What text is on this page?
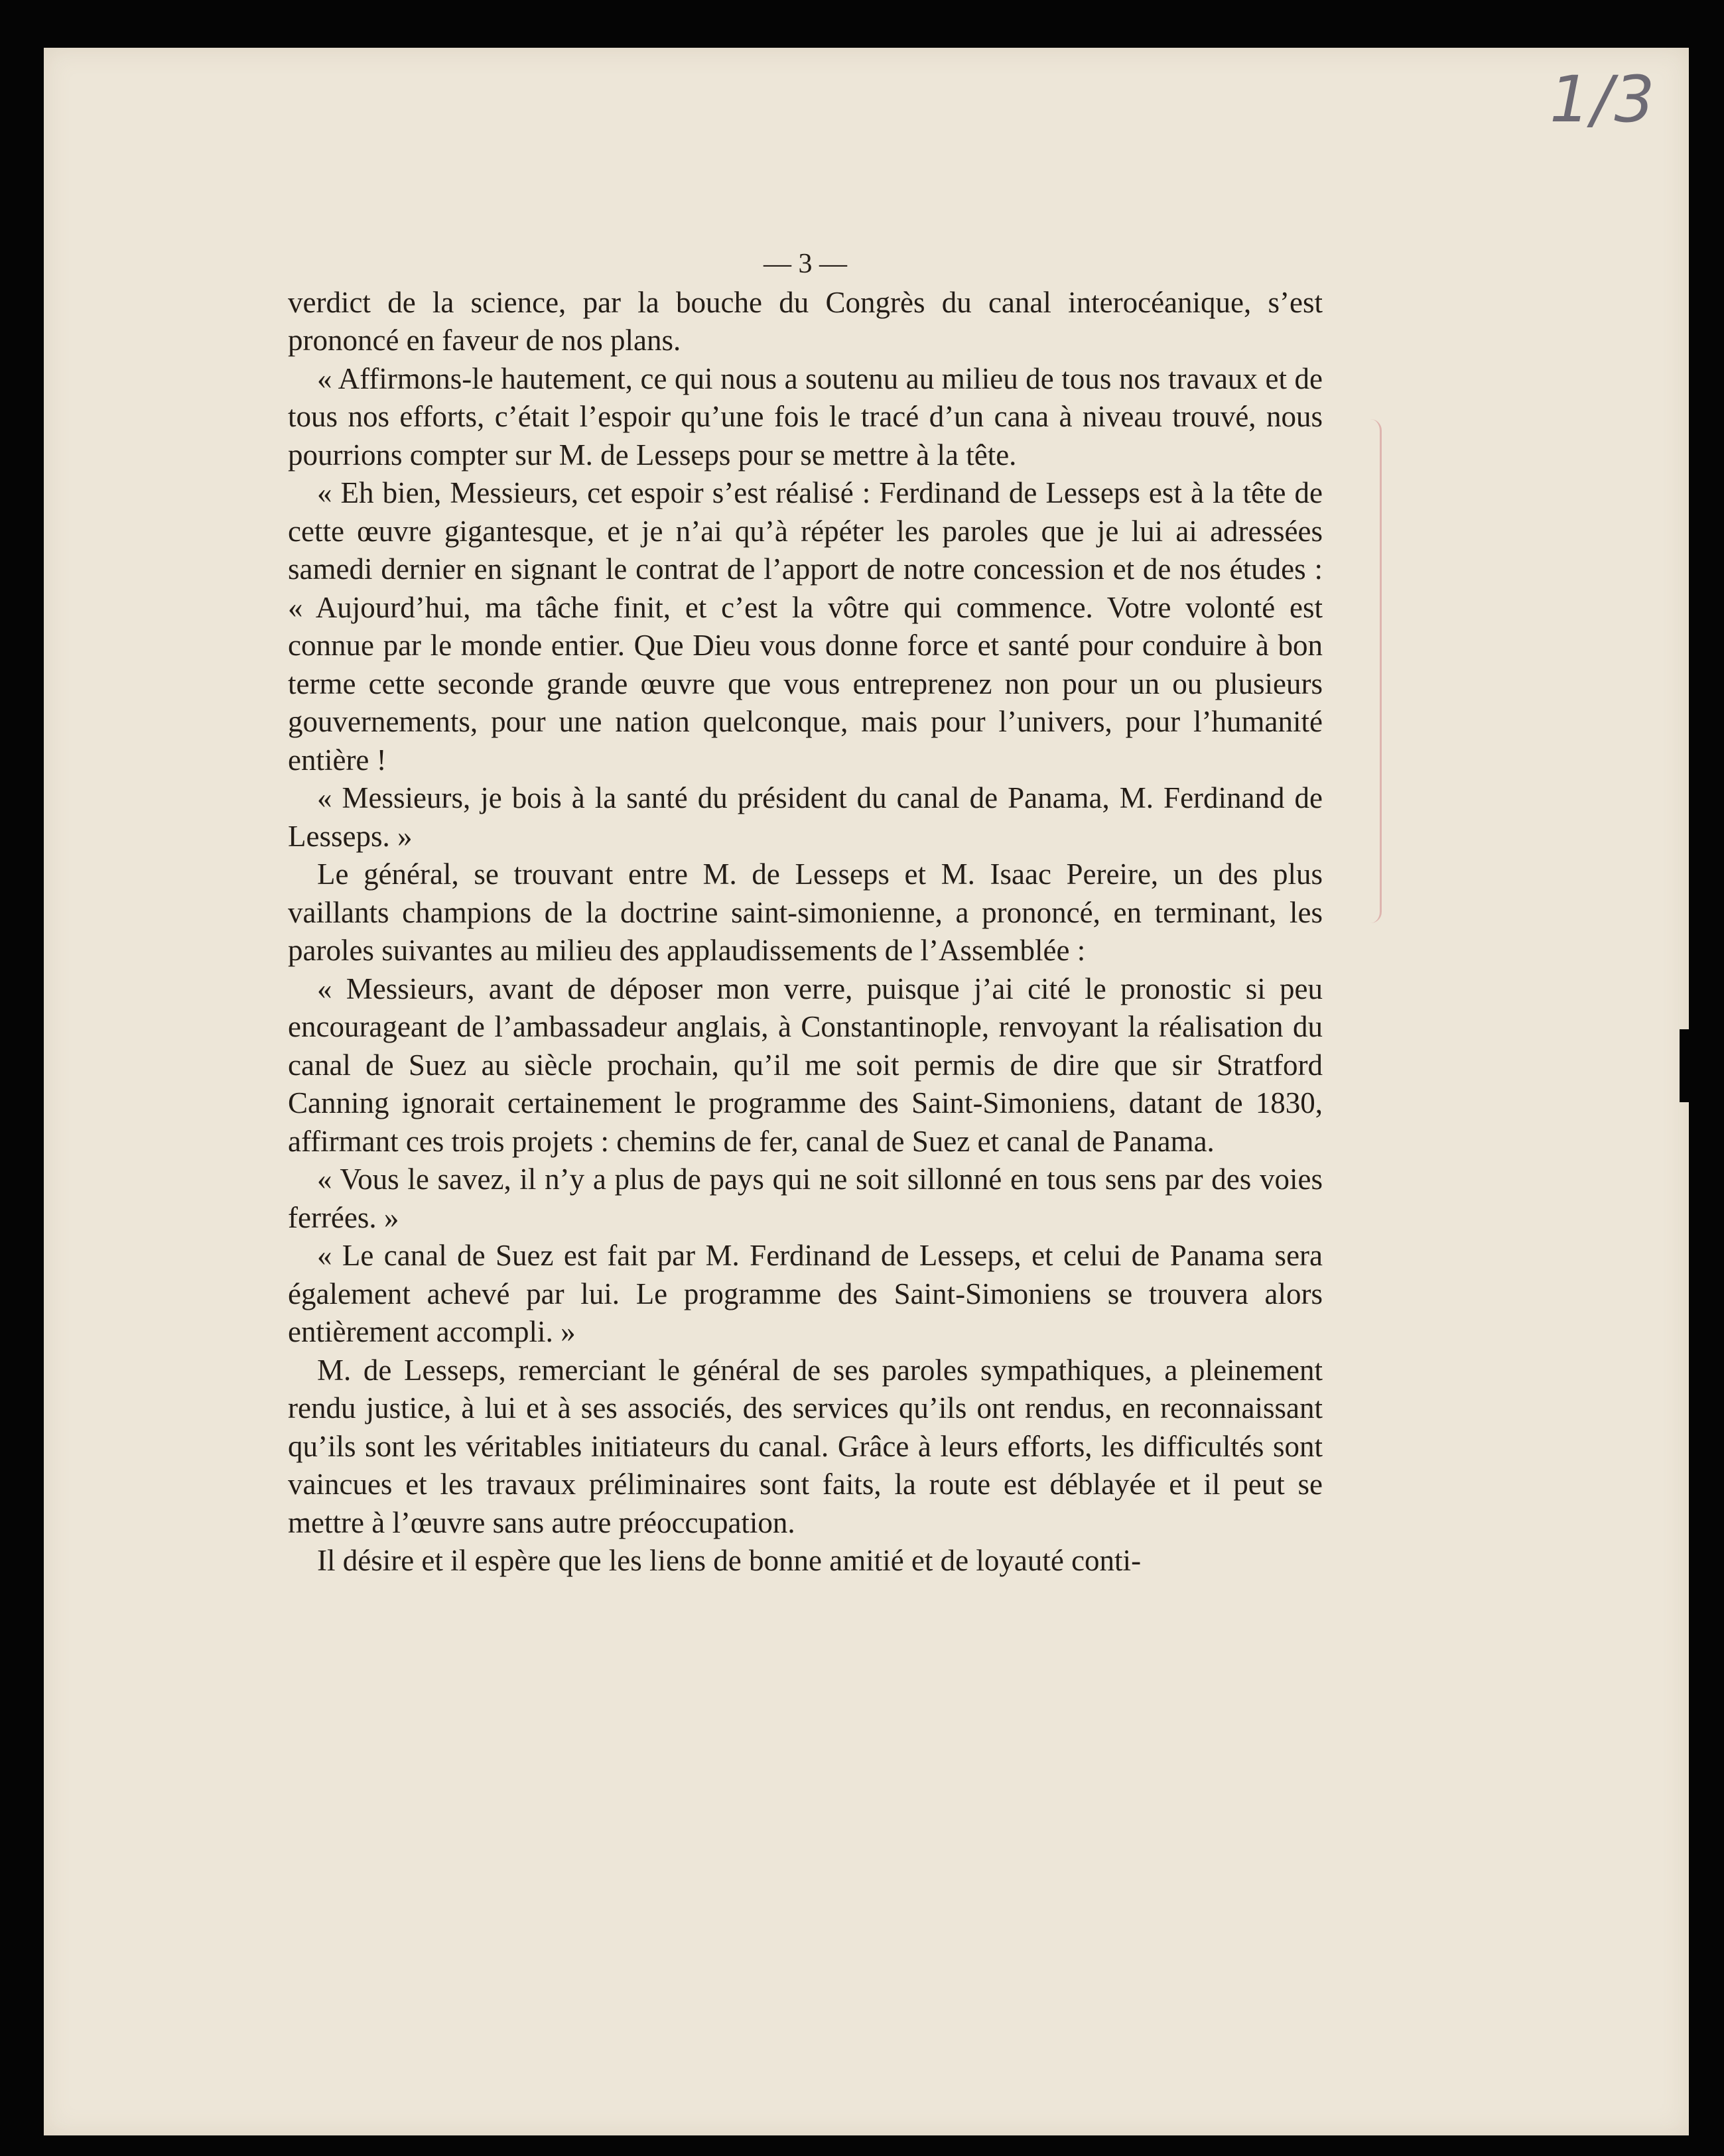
1/3

— 3 —

verdict de la science, par la bouche du Congrès du canal interocéanique, s’est prononcé en faveur de nos plans.

« Affirmons-le hautement, ce qui nous a soutenu au milieu de tous nos travaux et de tous nos efforts, c’était l’espoir qu’une fois le tracé d’un cana à niveau trouvé, nous pourrions compter sur M. de Lesseps pour se mettre à la tête.

« Eh bien, Messieurs, cet espoir s’est réalisé : Ferdinand de Lesseps est à la tête de cette œuvre gigantesque, et je n’ai qu’à répéter les paroles que je lui ai adressées samedi dernier en signant le contrat de l’apport de notre concession et de nos études : « Aujourd’hui, ma tâche finit, et c’est la vôtre qui commence. Votre volonté est connue par le monde entier. Que Dieu vous donne force et santé pour conduire à bon terme cette seconde grande œuvre que vous entreprenez non pour un ou plusieurs gouvernements, pour une nation quelconque, mais pour l’univers, pour l’humanité entière !

« Messieurs, je bois à la santé du président du canal de Panama, M. Ferdinand de Lesseps. »

Le général, se trouvant entre M. de Lesseps et M. Isaac Pereire, un des plus vaillants champions de la doctrine saint-simonienne, a prononcé, en terminant, les paroles suivantes au milieu des applaudissements de l’Assemblée :

« Messieurs, avant de déposer mon verre, puisque j’ai cité le pronostic si peu encourageant de l’ambassadeur anglais, à Constantinople, renvoyant la réalisation du canal de Suez au siècle prochain, qu’il me soit permis de dire que sir Stratford Canning ignorait certainement le programme des Saint-Simoniens, datant de 1830, affirmant ces trois projets : chemins de fer, canal de Suez et canal de Panama.

« Vous le savez, il n’y a plus de pays qui ne soit sillonné en tous sens par des voies ferrées. »

« Le canal de Suez est fait par M. Ferdinand de Lesseps, et celui de Panama sera également achevé par lui. Le programme des Saint-Simoniens se trouvera alors entièrement accompli. »

M. de Lesseps, remerciant le général de ses paroles sympathiques, a pleinement rendu justice, à lui et à ses associés, des services qu’ils ont rendus, en reconnaissant qu’ils sont les véritables initiateurs du canal. Grâce à leurs efforts, les difficultés sont vaincues et les travaux préliminaires sont faits, la route est déblayée et il peut se mettre à l’œuvre sans autre préoccupation.

Il désire et il espère que les liens de bonne amitié et de loyauté conti-
